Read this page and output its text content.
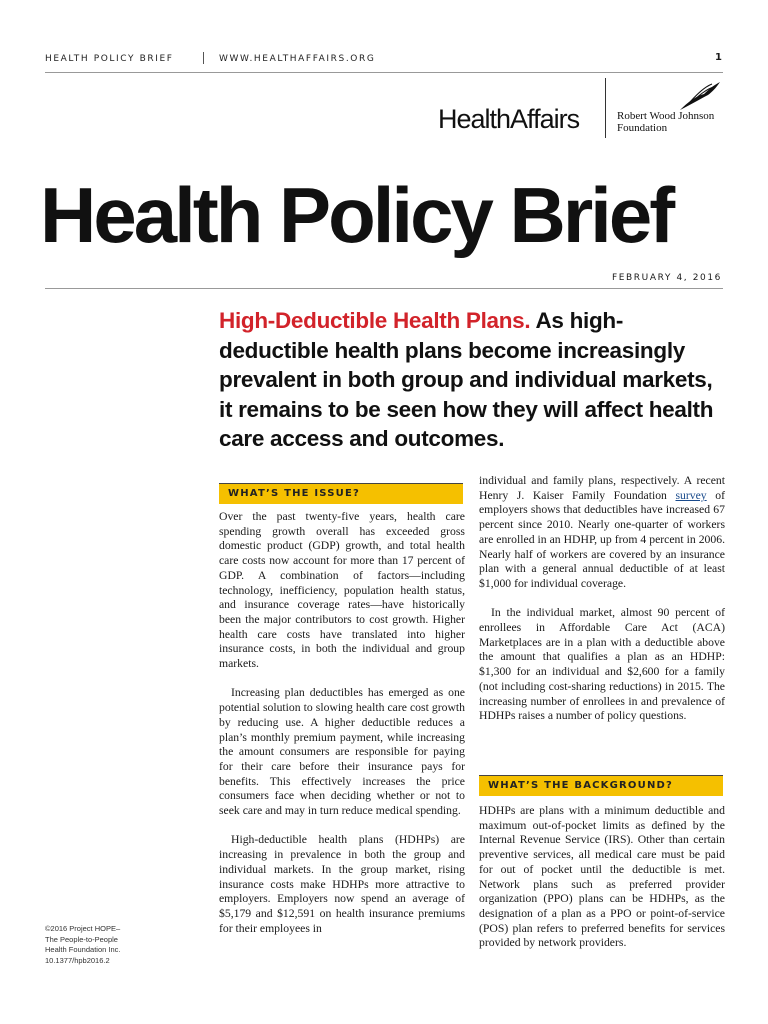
HEALTH POLICY BRIEF	WWW.HEALTHAFFAIRS.ORG	1
HealthAffairs	Robert Wood Johnson
Foundation
Health Policy Brief
FEBRUARY 4, 2016
High-Deductible Health Plans. As high-deductible health plans become increasingly prevalent in both group and individual markets, it remains to be seen how they will affect health care access and outcomes.
WHAT’S THE ISSUE?

Over the past twenty-five years, health care spending growth overall has exceeded gross domestic product (GDP) growth, and total health care costs now account for more than 17 percent of GDP. A combination of factors—including technology, inefficiency, population health status, and insurance coverage rates—have historically been the major contributors to cost growth. Higher health care costs have translated into higher insurance costs, in both the individual and group markets.

Increasing plan deductibles has emerged as one potential solution to slowing health care cost growth by reducing use. A higher deductible reduces a plan’s monthly premium payment, while increasing the amount consumers are responsible for paying for their care before their insurance pays for benefits. This effectively increases the price consumers face when deciding whether or not to seek care and may in turn reduce medical spending.

High-deductible health plans (HDHPs) are increasing in prevalence in both the group and individual markets. In the group market, rising insurance costs make HDHPs more attractive to employers. Employers now spend an average of $5,179 and $12,591 on health insurance premiums for their employees in

individual and family plans, respectively. A recent Henry J. Kaiser Family Foundation survey of employers shows that deductibles have increased 67 percent since 2010. Nearly one-quarter of workers are enrolled in an HDHP, up from 4 percent in 2006. Nearly half of workers are covered by an insurance plan with a general annual deductible of at least $1,000 for individual coverage.

In the individual market, almost 90 percent of enrollees in Affordable Care Act (ACA) Marketplaces are in a plan with a deductible above the amount that qualifies a plan as an HDHP: $1,300 for an individual and $2,600 for a family (not including cost-sharing reductions) in 2015. The increasing number of enrollees in and prevalence of HDHPs raises a number of policy questions.

WHAT’S THE BACKGROUND?

HDHPs are plans with a minimum deductible and maximum out-of-pocket limits as defined by the Internal Revenue Service (IRS). Other than certain preventive services, all medical care must be paid for out of pocket until the deductible is met. Network plans such as preferred provider organization (PPO) plans can be HDHPs, as the designation of a plan as a PPO or point-of-service (POS) plan refers to preferred benefits for services provided by network providers.

©2016 Project HOPE–
The People-to-People
Health Foundation Inc.
10.1377/hpb2016.2
